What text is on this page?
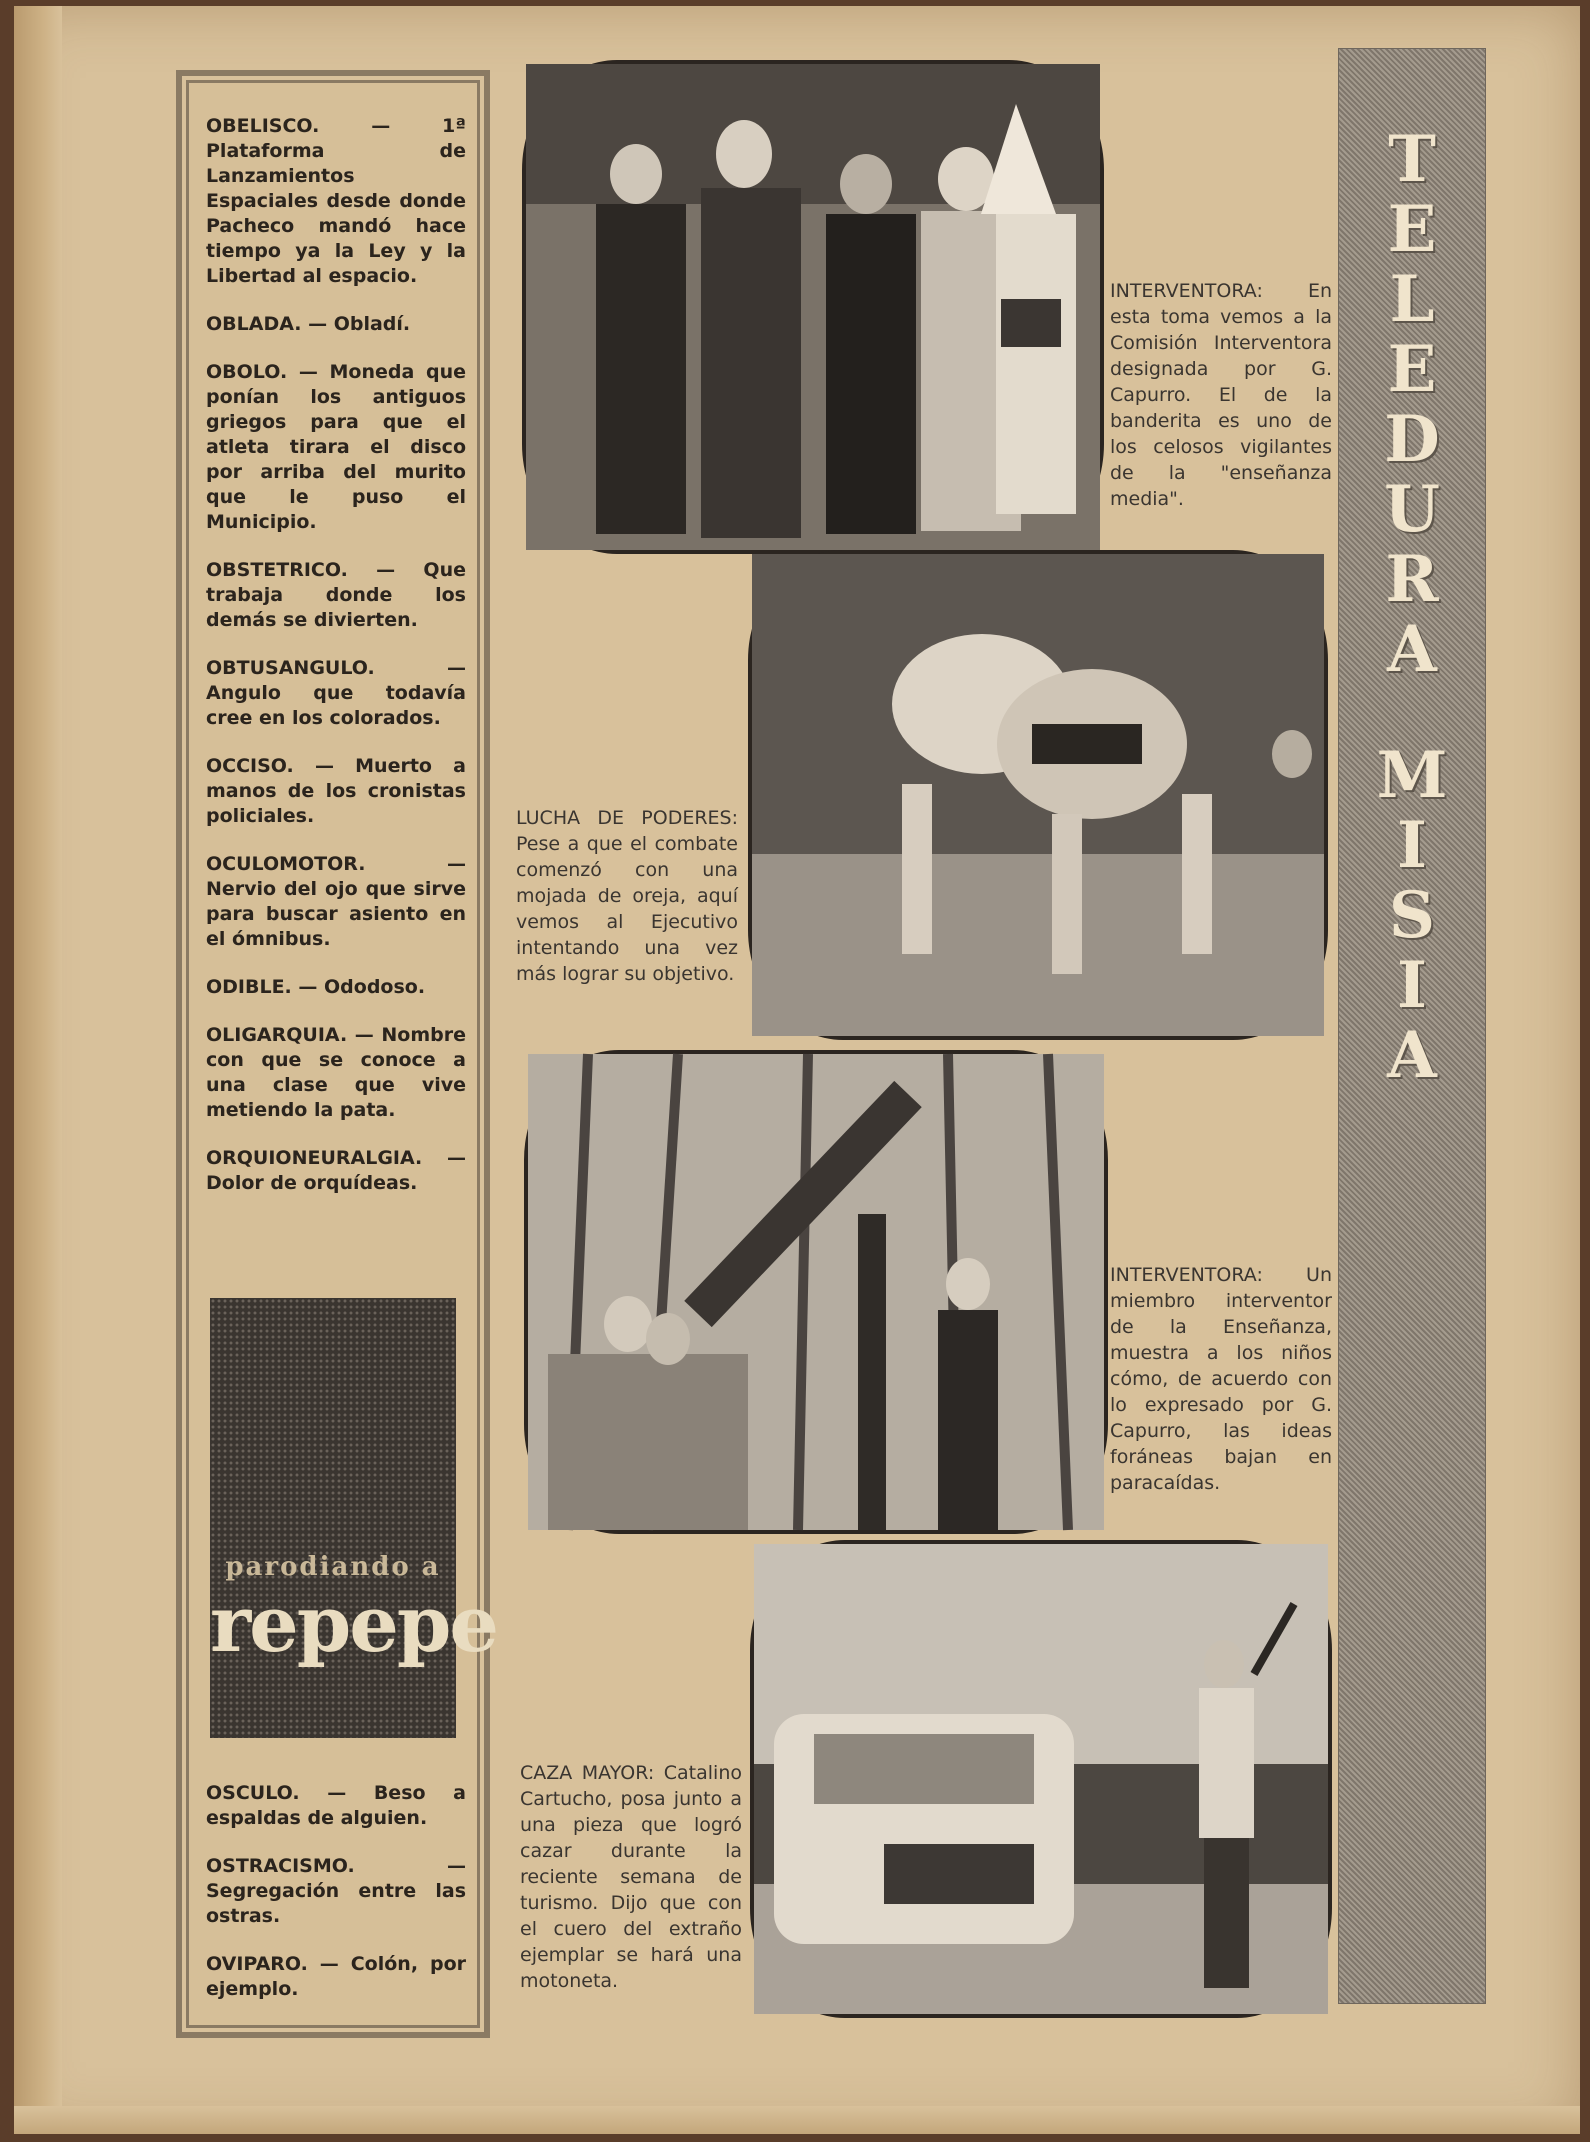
OBELISCO. — 1ª Plataforma de Lanzamientos Espaciales desde donde Pacheco mandó hace tiempo ya la Ley y la Libertad al espacio.

OBLADA. — Obladí.

OBOLO. — Moneda que ponían los antiguos griegos para que el atleta tirara el disco por arriba del murito que le puso el Municipio.

OBSTETRICO. — Que trabaja donde los demás se divierten.

OBTUSANGULO. — Angulo que todavía cree en los colorados.

OCCISO. — Muerto a manos de los cronistas policiales.

OCULOMOTOR. — Nervio del ojo que sirve para buscar asiento en el ómnibus.

ODIBLE. — Ododoso.

OLIGARQUIA. — Nombre con que se conoce a una clase que vive metiendo la pata.

ORQUIONEURALGIA. — Dolor de orquídeas.

parodiando a
repepe

OSCULO. — Beso a espaldas de alguien.

OSTRACISMO. — Segregación entre las ostras.

OVIPARO. — Colón, por ejemplo.

INTERVENTORA: En esta toma vemos a la Comisión Interventora designada por G. Capurro. El de la banderita es uno de los celosos vigilantes de la "enseñanza media".
LUCHA DE PODERES: Pese a que el combate comenzó con una mojada de oreja, aquí vemos al Ejecutivo intentando una vez más lograr su objetivo.
INTERVENTORA: Un miembro interventor de la Enseñanza, muestra a los niños cómo, de acuerdo con lo expresado por G. Capurro, las ideas foráneas bajan en paracaídas.
CAZA MAYOR: Catalino Cartucho, posa junto a una pieza que logró cazar durante la reciente semana de turismo. Dijo que con el cuero del extraño ejemplar se hará una motoneta.
T
E
L
E
D
U
R
A
M
I
S
I
A
